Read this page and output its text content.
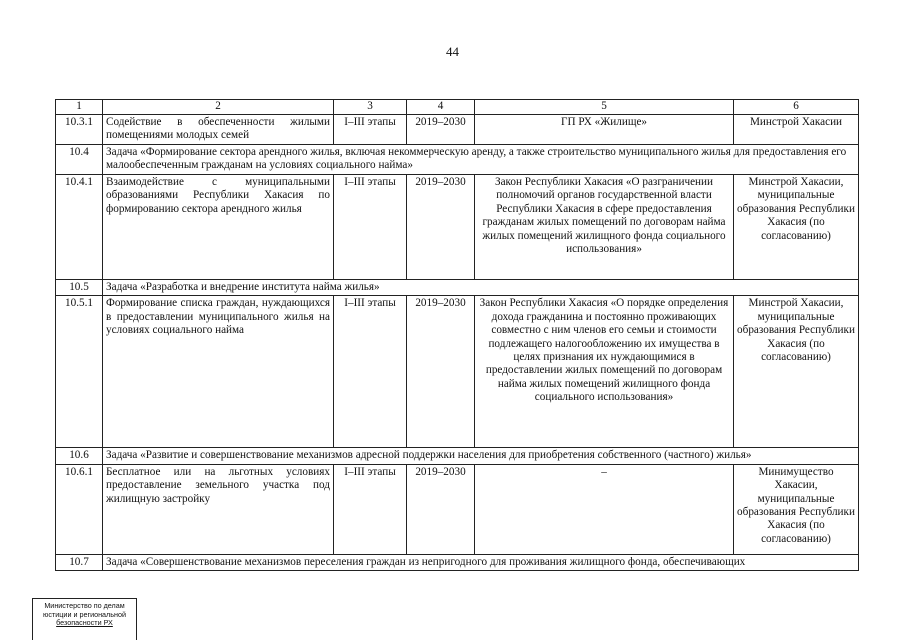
44
1	2	3	4	5	6
10.3.1	Содействие в обеспеченности жилыми помещениями молодых семей	I–III этапы	2019–2030	ГП РХ «Жилище»	Минстрой Хакасии
10.4	Задача «Формирование сектора арендного жилья, включая некоммерческую аренду, а также строительство муниципального жилья для предоставления его малообеспеченным гражданам на условиях социального найма»				
10.4.1	Взаимодействие с муниципальными образованиями Республики Хакасия по формированию сектора арендного жилья	I–III этапы	2019–2030	Закон Республики Хакасия «О разграничении полномочий органов государственной власти Республики Хакасия в сфере предоставления гражданам жилых помещений по договорам найма жилых помещений жилищного фонда социального использования»	Минстрой Хакасии, муниципальные образования Республики Хакасия (по согласованию)
10.5	Задача «Разработка и внедрение института найма жилья»				
10.5.1	Формирование списка граждан, нуждающихся в предоставлении муниципального жилья на условиях социального найма	I–III этапы	2019–2030	Закон Республики Хакасия «О порядке определения дохода гражданина и постоянно проживающих совместно с ним членов его семьи и стоимости подлежащего налогообложению их имущества в целях признания их нуждающимися в предоставлении жилых помещений по договорам найма жилых помещений жилищного фонда социального использования»	Минстрой Хакасии, муниципальные образования Республики Хакасия (по согласованию)
10.6	Задача «Развитие и совершенствование механизмов адресной поддержки населения для приобретения собственного (частного) жилья»				
10.6.1	Бесплатное или на льготных условиях предоставление земельного участка под жилищную застройку	I–III этапы	2019–2030	–	Минимущество Хакасии, муниципальные образования Республики Хакасия (по согласованию)
10.7	Задача «Совершенствование механизмов переселения граждан из непригодного для проживания жилищного фонда, обеспечивающих				
Министерство по делам
юстиции и региональной
безопасности РХ
